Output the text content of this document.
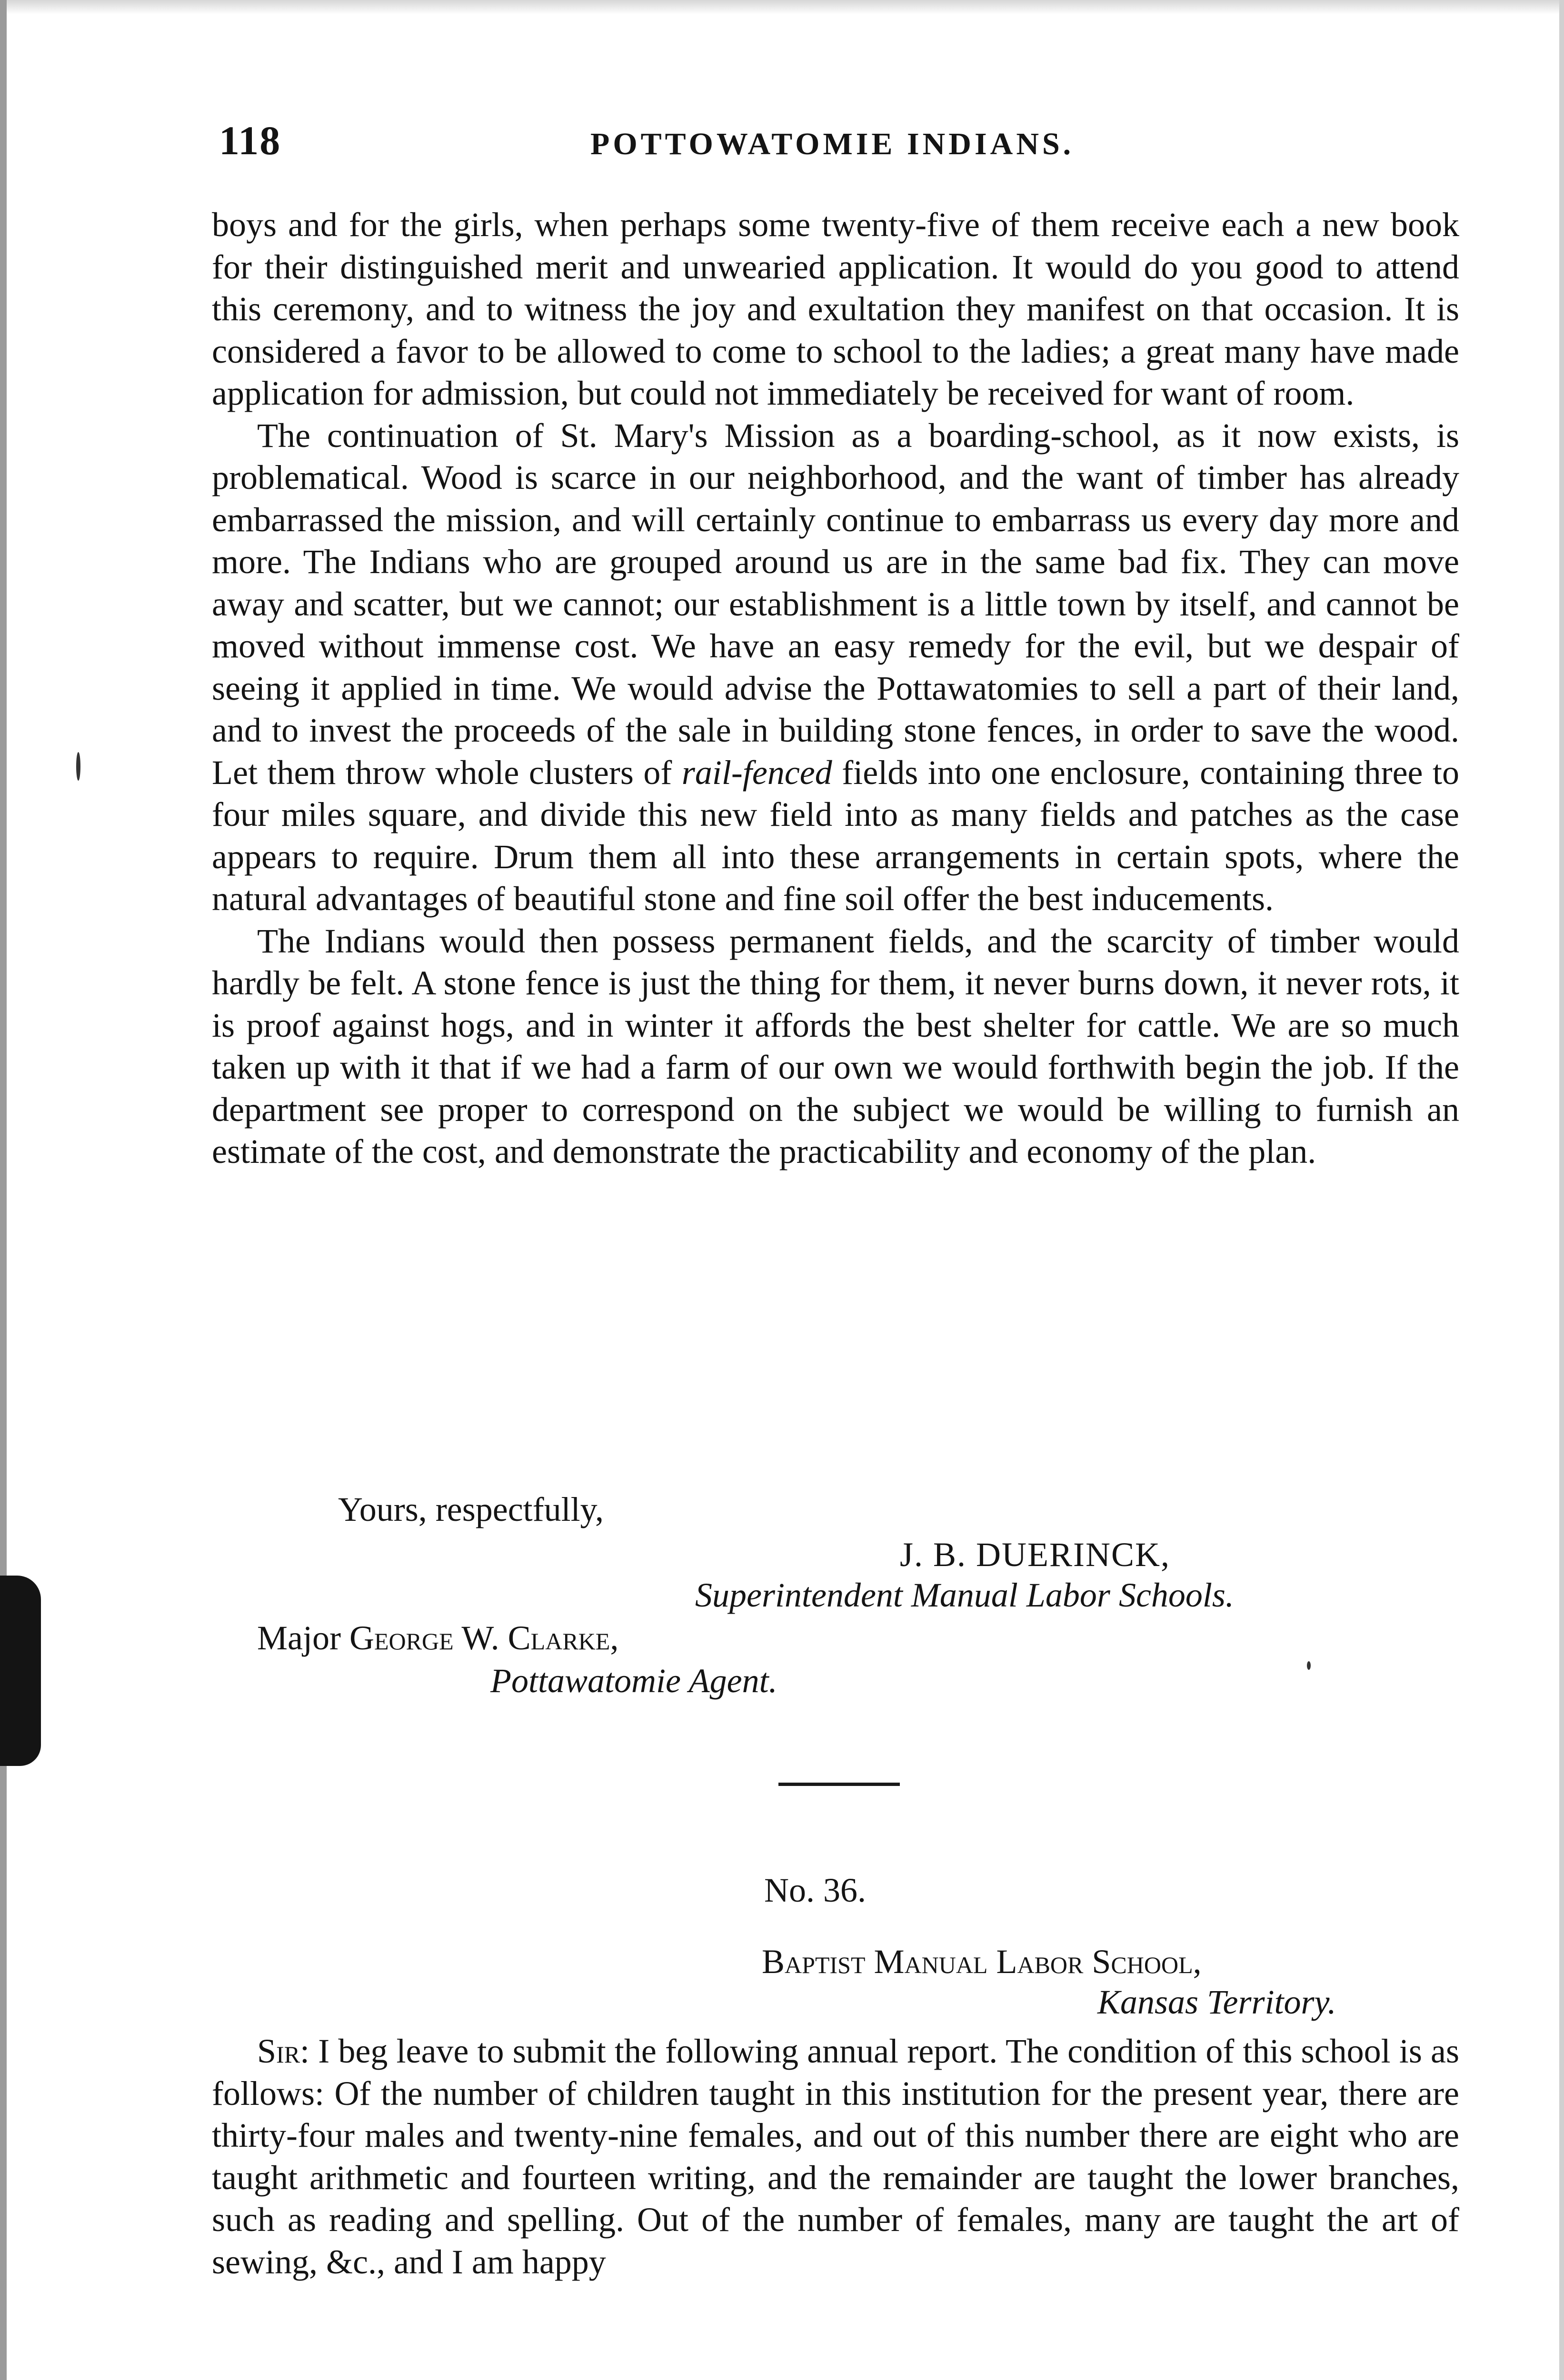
118	POTTOWATOMIE INDIANS.

boys and for the girls, when perhaps some twenty-five of them receive each a new book for their distinguished merit and unwearied application. It would do you good to attend this ceremony, and to witness the joy and exultation they manifest on that occasion. It is considered a favor to be allowed to come to school to the ladies; a great many have made application for admission, but could not immediately be received for want of room.

The continuation of St. Mary's Mission as a boarding-school, as it now exists, is problematical. Wood is scarce in our neighborhood, and the want of timber has already embarrassed the mission, and will certainly continue to embarrass us every day more and more. The Indians who are grouped around us are in the same bad fix. They can move away and scatter, but we cannot; our establishment is a little town by itself, and cannot be moved without immense cost. We have an easy remedy for the evil, but we despair of seeing it applied in time. We would advise the Pottawatomies to sell a part of their land, and to invest the proceeds of the sale in building stone fences, in order to save the wood. Let them throw whole clusters of rail-fenced fields into one enclosure, containing three to four miles square, and divide this new field into as many fields and patches as the case appears to require. Drum them all into these arrangements in certain spots, where the natural advantages of beautiful stone and fine soil offer the best inducements.

The Indians would then possess permanent fields, and the scarcity of timber would hardly be felt. A stone fence is just the thing for them, it never burns down, it never rots, it is proof against hogs, and in winter it affords the best shelter for cattle. We are so much taken up with it that if we had a farm of our own we would forthwith begin the job. If the department see proper to correspond on the subject we would be willing to furnish an estimate of the cost, and demonstrate the practicability and economy of the plan.

Yours, respectfully,
J. B. DUERINCK,
Superintendent Manual Labor Schools.
Major George W. Clarke,
Pottawatomie Agent.
No. 36.
Baptist Manual Labor School,
Kansas Territory.

Sir: I beg leave to submit the following annual report. The condition of this school is as follows: Of the number of children taught in this institution for the present year, there are thirty-four males and twenty-nine females, and out of this number there are eight who are taught arithmetic and fourteen writing, and the remainder are taught the lower branches, such as reading and spelling. Out of the number of females, many are taught the art of sewing, &c., and I am happy
